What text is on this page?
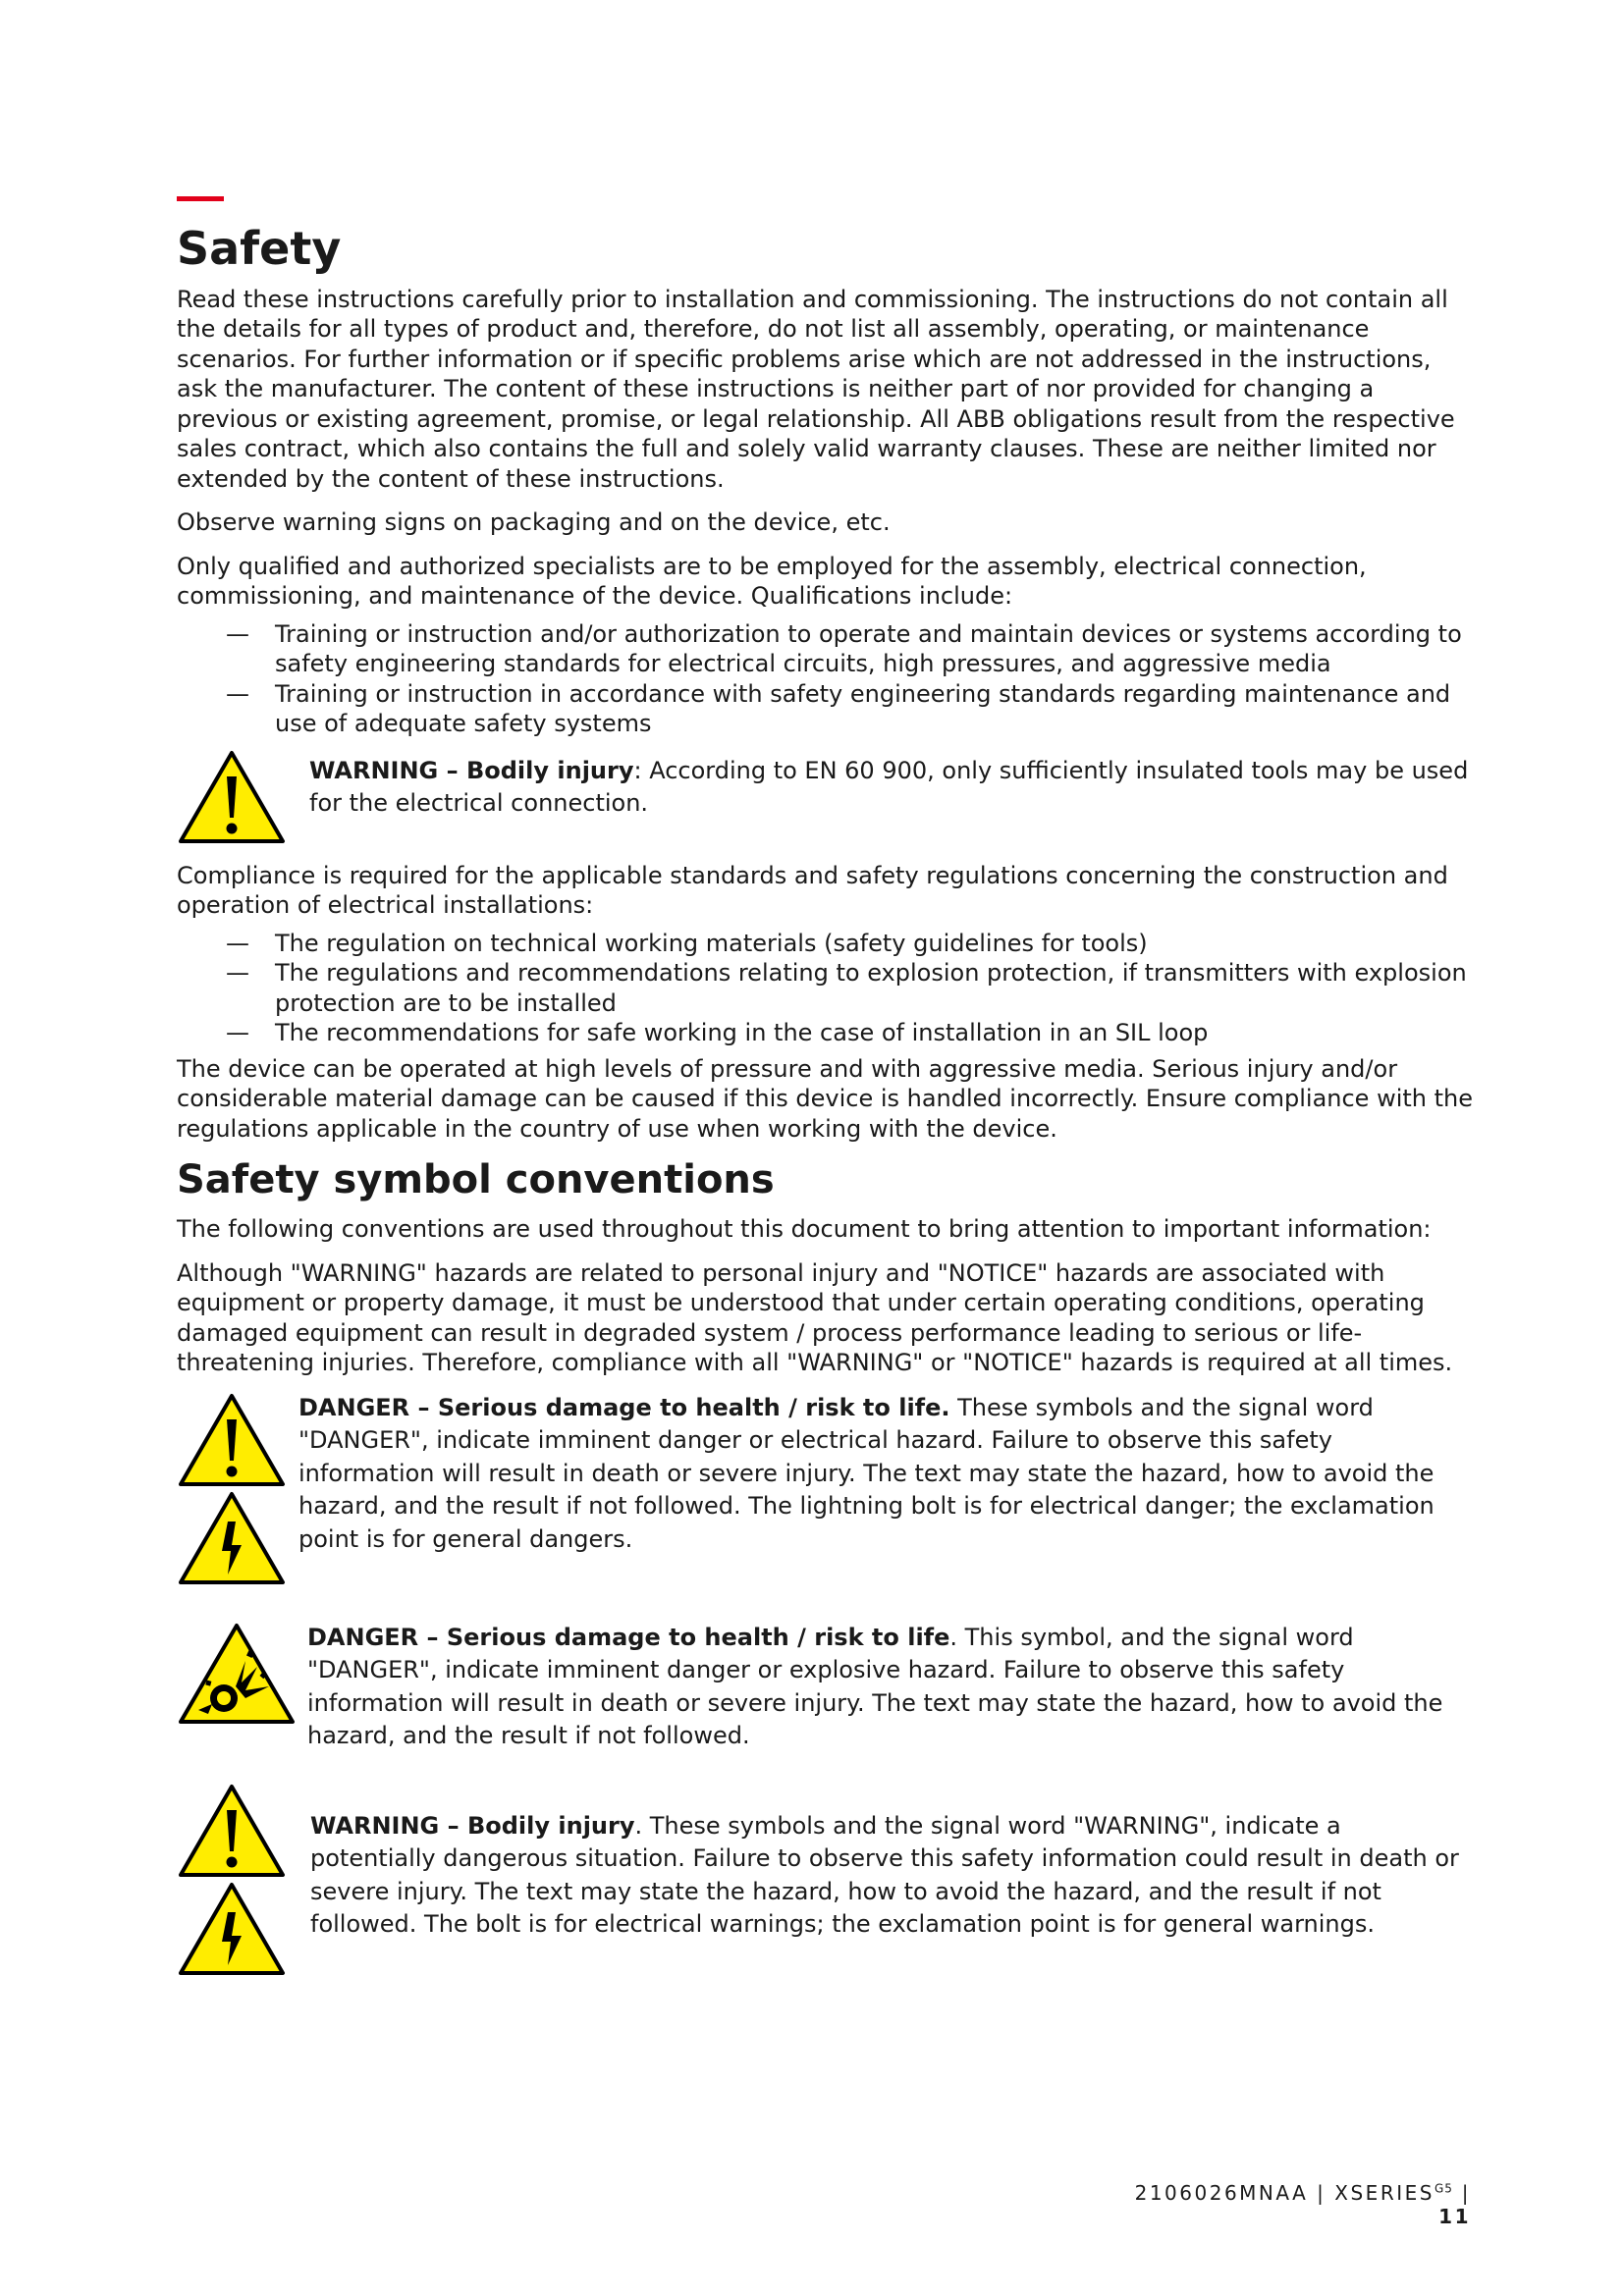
Safety

Read these instructions carefully prior to installation and commissioning. The instructions do not contain all the details for all types of product and, therefore, do not list all assembly, operating, or maintenance scenarios. For further information or if specific problems arise which are not addressed in the instructions, ask the manufacturer. The content of these instructions is neither part of nor provided for changing a previous or existing agreement, promise, or legal relationship. All ABB obligations result from the respective sales contract, which also contains the full and solely valid warranty clauses. These are neither limited nor extended by the content of these instructions.

Observe warning signs on packaging and on the device, etc.

Only qualified and authorized specialists are to be employed for the assembly, electrical connection, commissioning, and maintenance of the device. Qualifications include:

— Training or instruction and/or authorization to operate and maintain devices or systems according to safety engineering standards for electrical circuits, high pressures, and aggressive media
— Training or instruction in accordance with safety engineering standards regarding maintenance and use of adequate safety systems
WARNING – Bodily injury: According to EN 60 900, only sufficiently insulated tools may be used for the electrical connection.

Compliance is required for the applicable standards and safety regulations concerning the construction and operation of electrical installations:

— The regulation on technical working materials (safety guidelines for tools)
— The regulations and recommendations relating to explosion protection, if transmitters with explosion protection are to be installed
— The recommendations for safe working in the case of installation in an SIL loop

The device can be operated at high levels of pressure and with aggressive media. Serious injury and/or considerable material damage can be caused if this device is handled incorrectly. Ensure compliance with the regulations applicable in the country of use when working with the device.

Safety symbol conventions

The following conventions are used throughout this document to bring attention to important information:

Although "WARNING" hazards are related to personal injury and "NOTICE" hazards are associated with equipment or property damage, it must be understood that under certain operating conditions, operating damaged equipment can result in degraded system / process performance leading to serious or life-threatening injuries. Therefore, compliance with all "WARNING" or "NOTICE" hazards is required at all times.

DANGER – Serious damage to health / risk to life. These symbols and the signal word "DANGER", indicate imminent danger or electrical hazard. Failure to observe this safety information will result in death or severe injury. The text may state the hazard, how to avoid the hazard, and the result if not followed. The lightning bolt is for electrical danger; the exclamation point is for general dangers.
DANGER – Serious damage to health / risk to life. This symbol, and the signal word "DANGER", indicate imminent danger or explosive hazard. Failure to observe this safety information will result in death or severe injury. The text may state the hazard, how to avoid the hazard, and the result if not followed.
WARNING – Bodily injury. These symbols and the signal word "WARNING", indicate a potentially dangerous situation. Failure to observe this safety information could result in death or severe injury. The text may state the hazard, how to avoid the hazard, and the result if not followed. The bolt is for electrical warnings; the exclamation point is for general warnings.
2106026MNAA | $XSERIES^{G5}$ | 11
